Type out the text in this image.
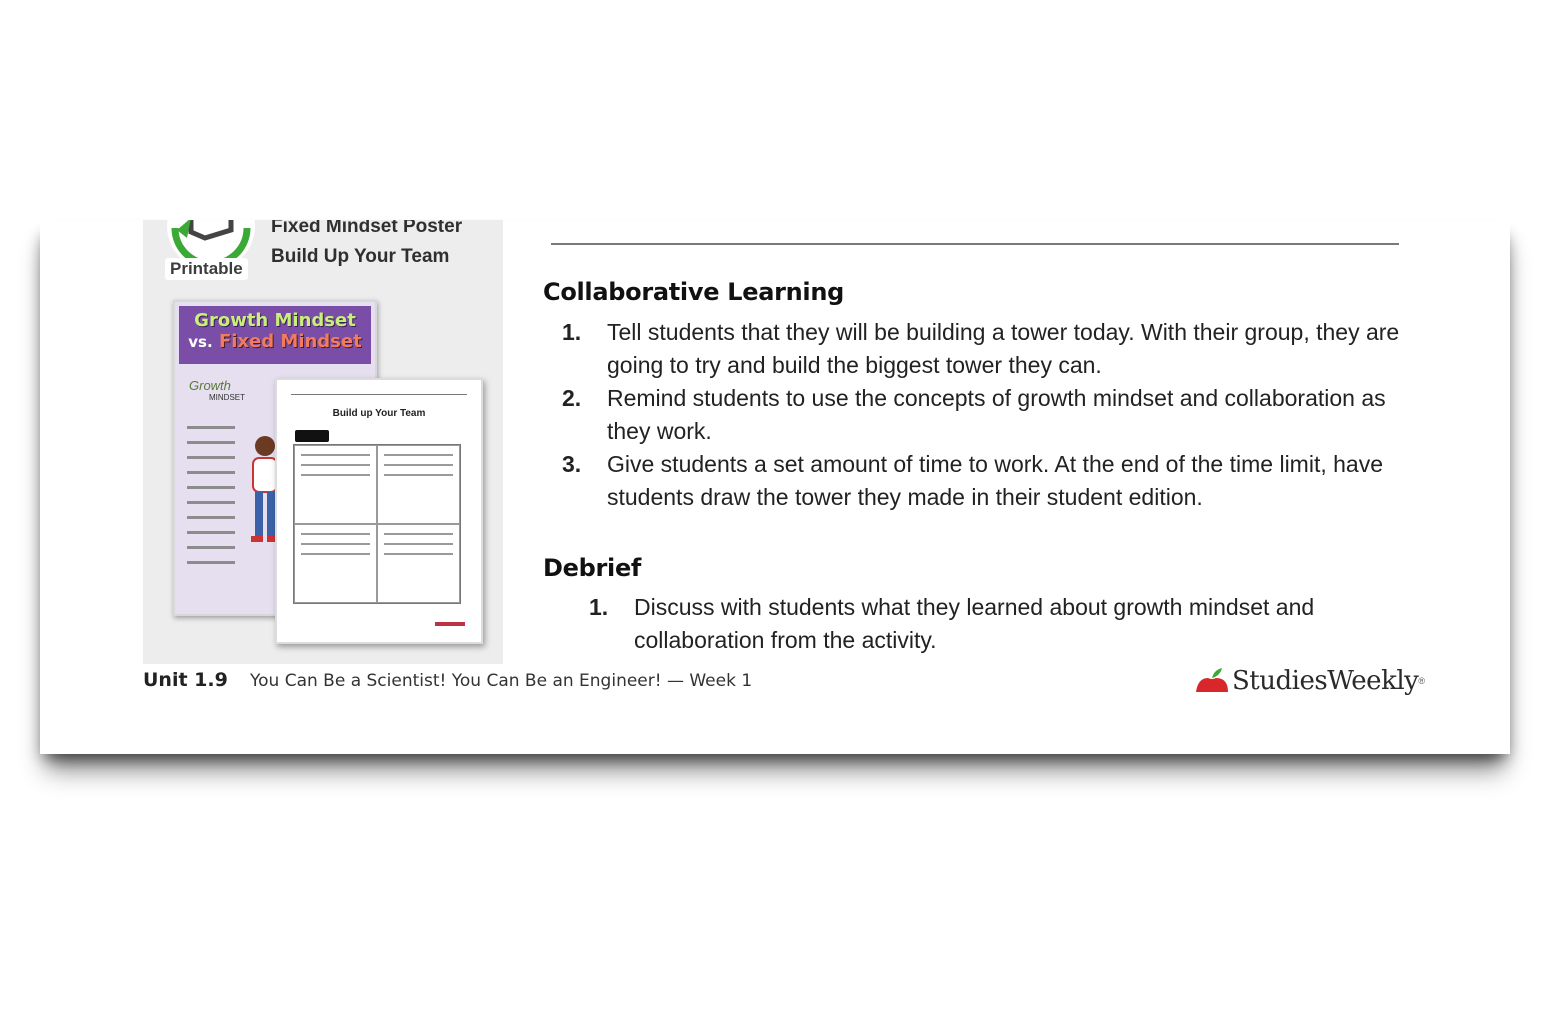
Printable
Fixed Mindset Poster
Build Up Your Team
Growth Mindset
vs. Fixed Mindset
Growth
MINDSET
Build up Your Team
Collaborative Learning
1.	Tell students that they will be building a tower today. With their group, they are going to try and build the biggest tower they can.
2.	Remind students to use the concepts of growth mindset and collaboration as they work.
3.	Give students a set amount of time to work. At the end of the time limit, have students draw the tower they made in their student edition.
Debrief
1.	Discuss with students what they learned about growth mindset and collaboration from the activity.
Unit 1.9 You Can Be a Scientist! You Can Be an Engineer! — Week 1	StudiesWeekly ®
